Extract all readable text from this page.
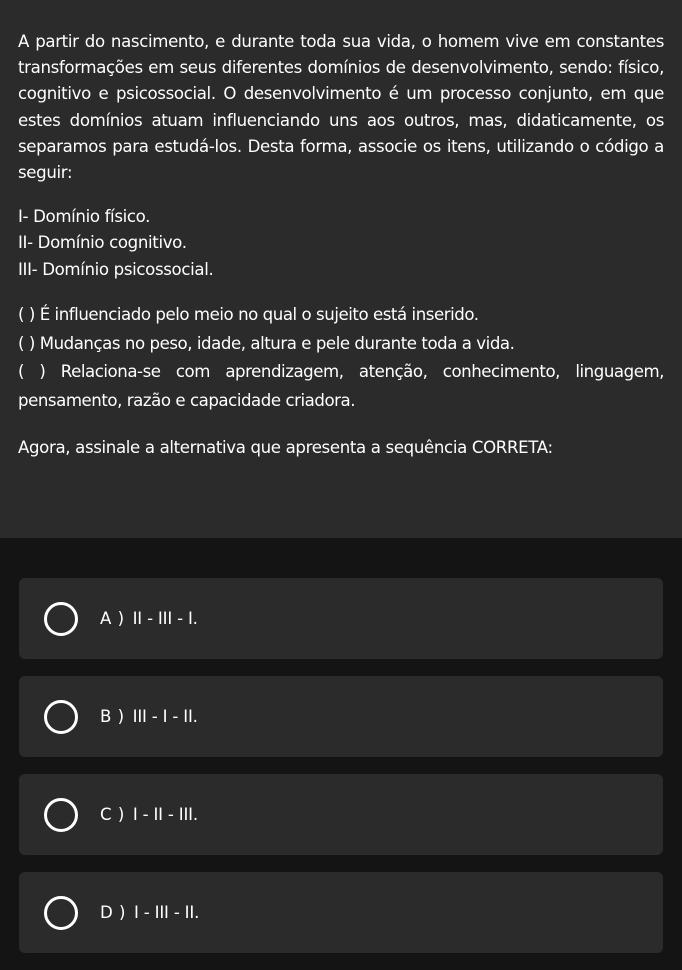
A partir do nascimento, e durante toda sua vida, o homem vive em constantes transformações em seus diferentes domínios de desenvolvimento, sendo: físico, cognitivo e psicossocial. O desenvolvimento é um processo conjunto, em que estes domínios atuam influenciando uns aos outros, mas, didaticamente, os separamos para estudá-los. Desta forma, associe os itens, utilizando o código a seguir:

I- Domínio físico.
II- Domínio cognitivo.
III- Domínio psicossocial.
( ) É influenciado pelo meio no qual o sujeito está inserido.
( ) Mudanças no peso, idade, altura e pele durante toda a vida.
( ) Relaciona-se com aprendizagem, atenção, conhecimento, linguagem, pensamento, razão e capacidade criadora.

Agora, assinale a alternativa que apresenta a sequência CORRETA:

A ) II - III - I.
B ) III - I - II.
C ) I - II - III.
D ) I - III - II.
